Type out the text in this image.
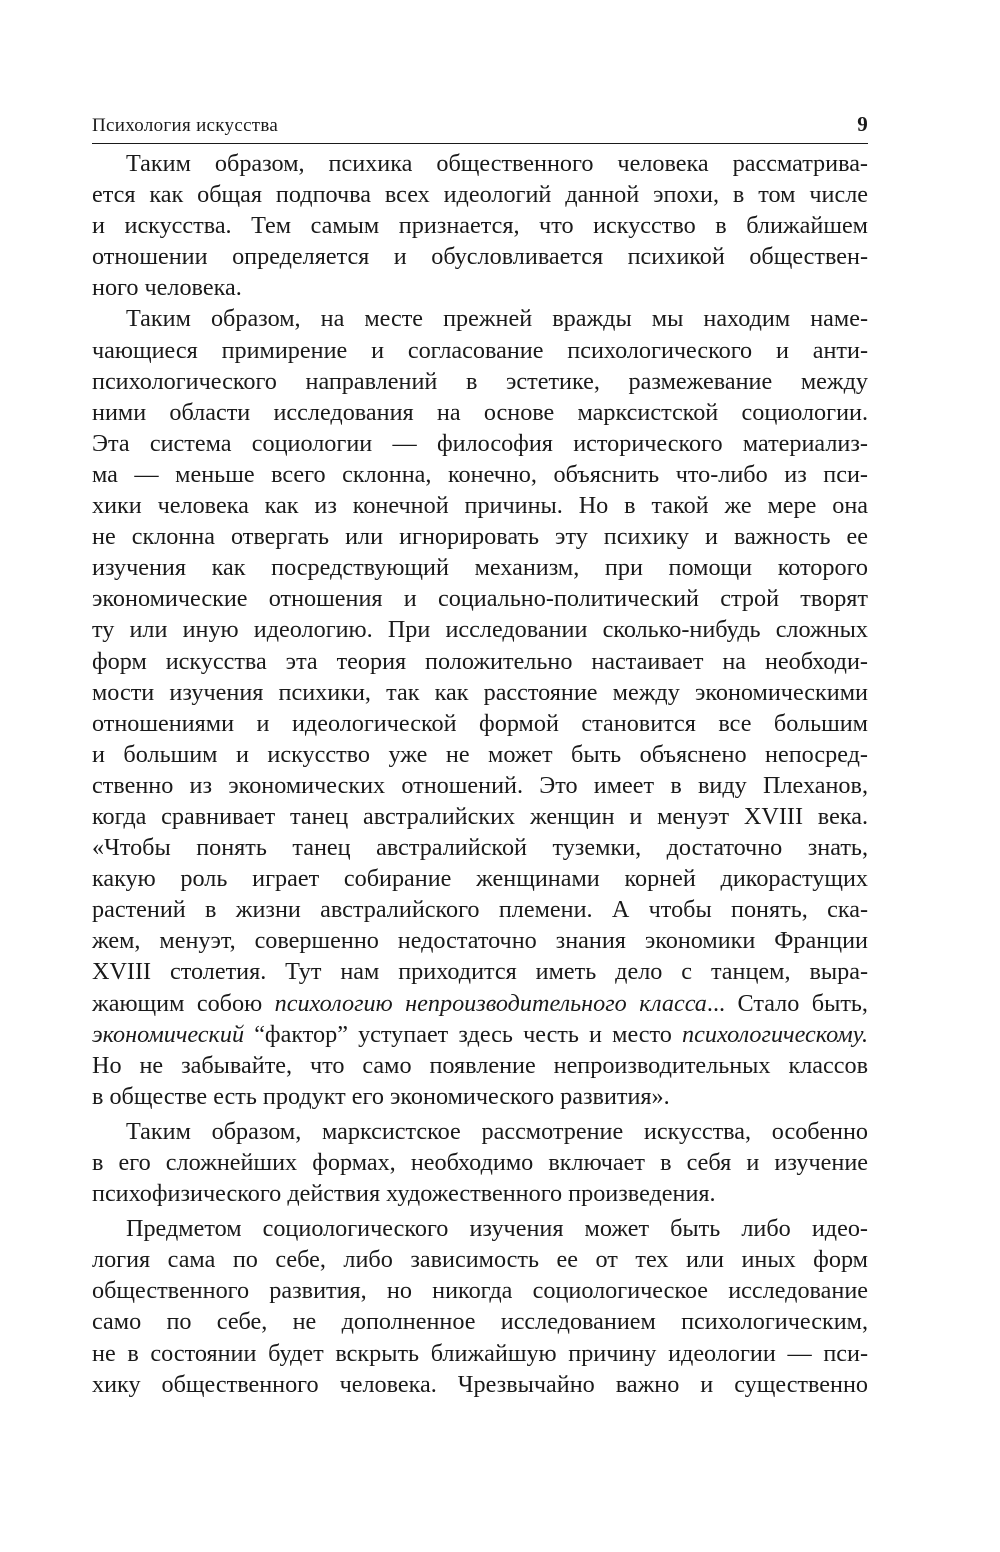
Психология искусства	9
Таким образом, психика общественного человека рассматрива-
ется как общая подпочва всех идеологий данной эпохи, в том числе
и искусства. Тем самым признается, что искусство в ближайшем
отношении определяется и обусловливается психикой обществен-
ного человека.
Таким образом, на месте прежней вражды мы находим наме-
чающиеся примирение и согласование психологического и анти-
психологического направлений в эстетике, размежевание между
ними области исследования на основе марксистской социологии.
Эта система социологии — философия исторического материализ-
ма — меньше всего склонна, конечно, объяснить что-либо из пси-
хики человека как из конечной причины. Но в такой же мере она
не склонна отвергать или игнорировать эту психику и важность ее
изучения как посредствующий механизм, при помощи которого
экономические отношения и социально-политический строй творят
ту или иную идеологию. При исследовании сколько-нибудь сложных
форм искусства эта теория положительно настаивает на необходи-
мости изучения психики, так как расстояние между экономическими
отношениями и идеологической формой становится все большим
и большим и искусство уже не может быть объяснено непосред-
ственно из экономических отношений. Это имеет в виду Плеханов,
когда сравнивает танец австралийских женщин и менуэт XVIII века.
«Чтобы понять танец австралийской туземки, достаточно знать,
какую роль играет собирание женщинами корней дикорастущих
растений в жизни австралийского племени. А чтобы понять, ска-
жем, менуэт, совершенно недостаточно знания экономики Франции
XVIII столетия. Тут нам приходится иметь дело с танцем, выра-
жающим собою психологию непроизводительного класса... Стало быть,
экономический “фактор” уступает здесь честь и место психологическому.
Но не забывайте, что само появление непроизводительных классов
в обществе есть продукт его экономического развития».
Таким образом, марксистское рассмотрение искусства, особенно
в его сложнейших формах, необходимо включает в себя и изучение
психофизического действия художественного произведения.
Предметом социологического изучения может быть либо идео-
логия сама по себе, либо зависимость ее от тех или иных форм
общественного развития, но никогда социологическое исследование
само по себе, не дополненное исследованием психологическим,
не в состоянии будет вскрыть ближайшую причину идеологии — пси-
хику общественного человека. Чрезвычайно важно и существенно
